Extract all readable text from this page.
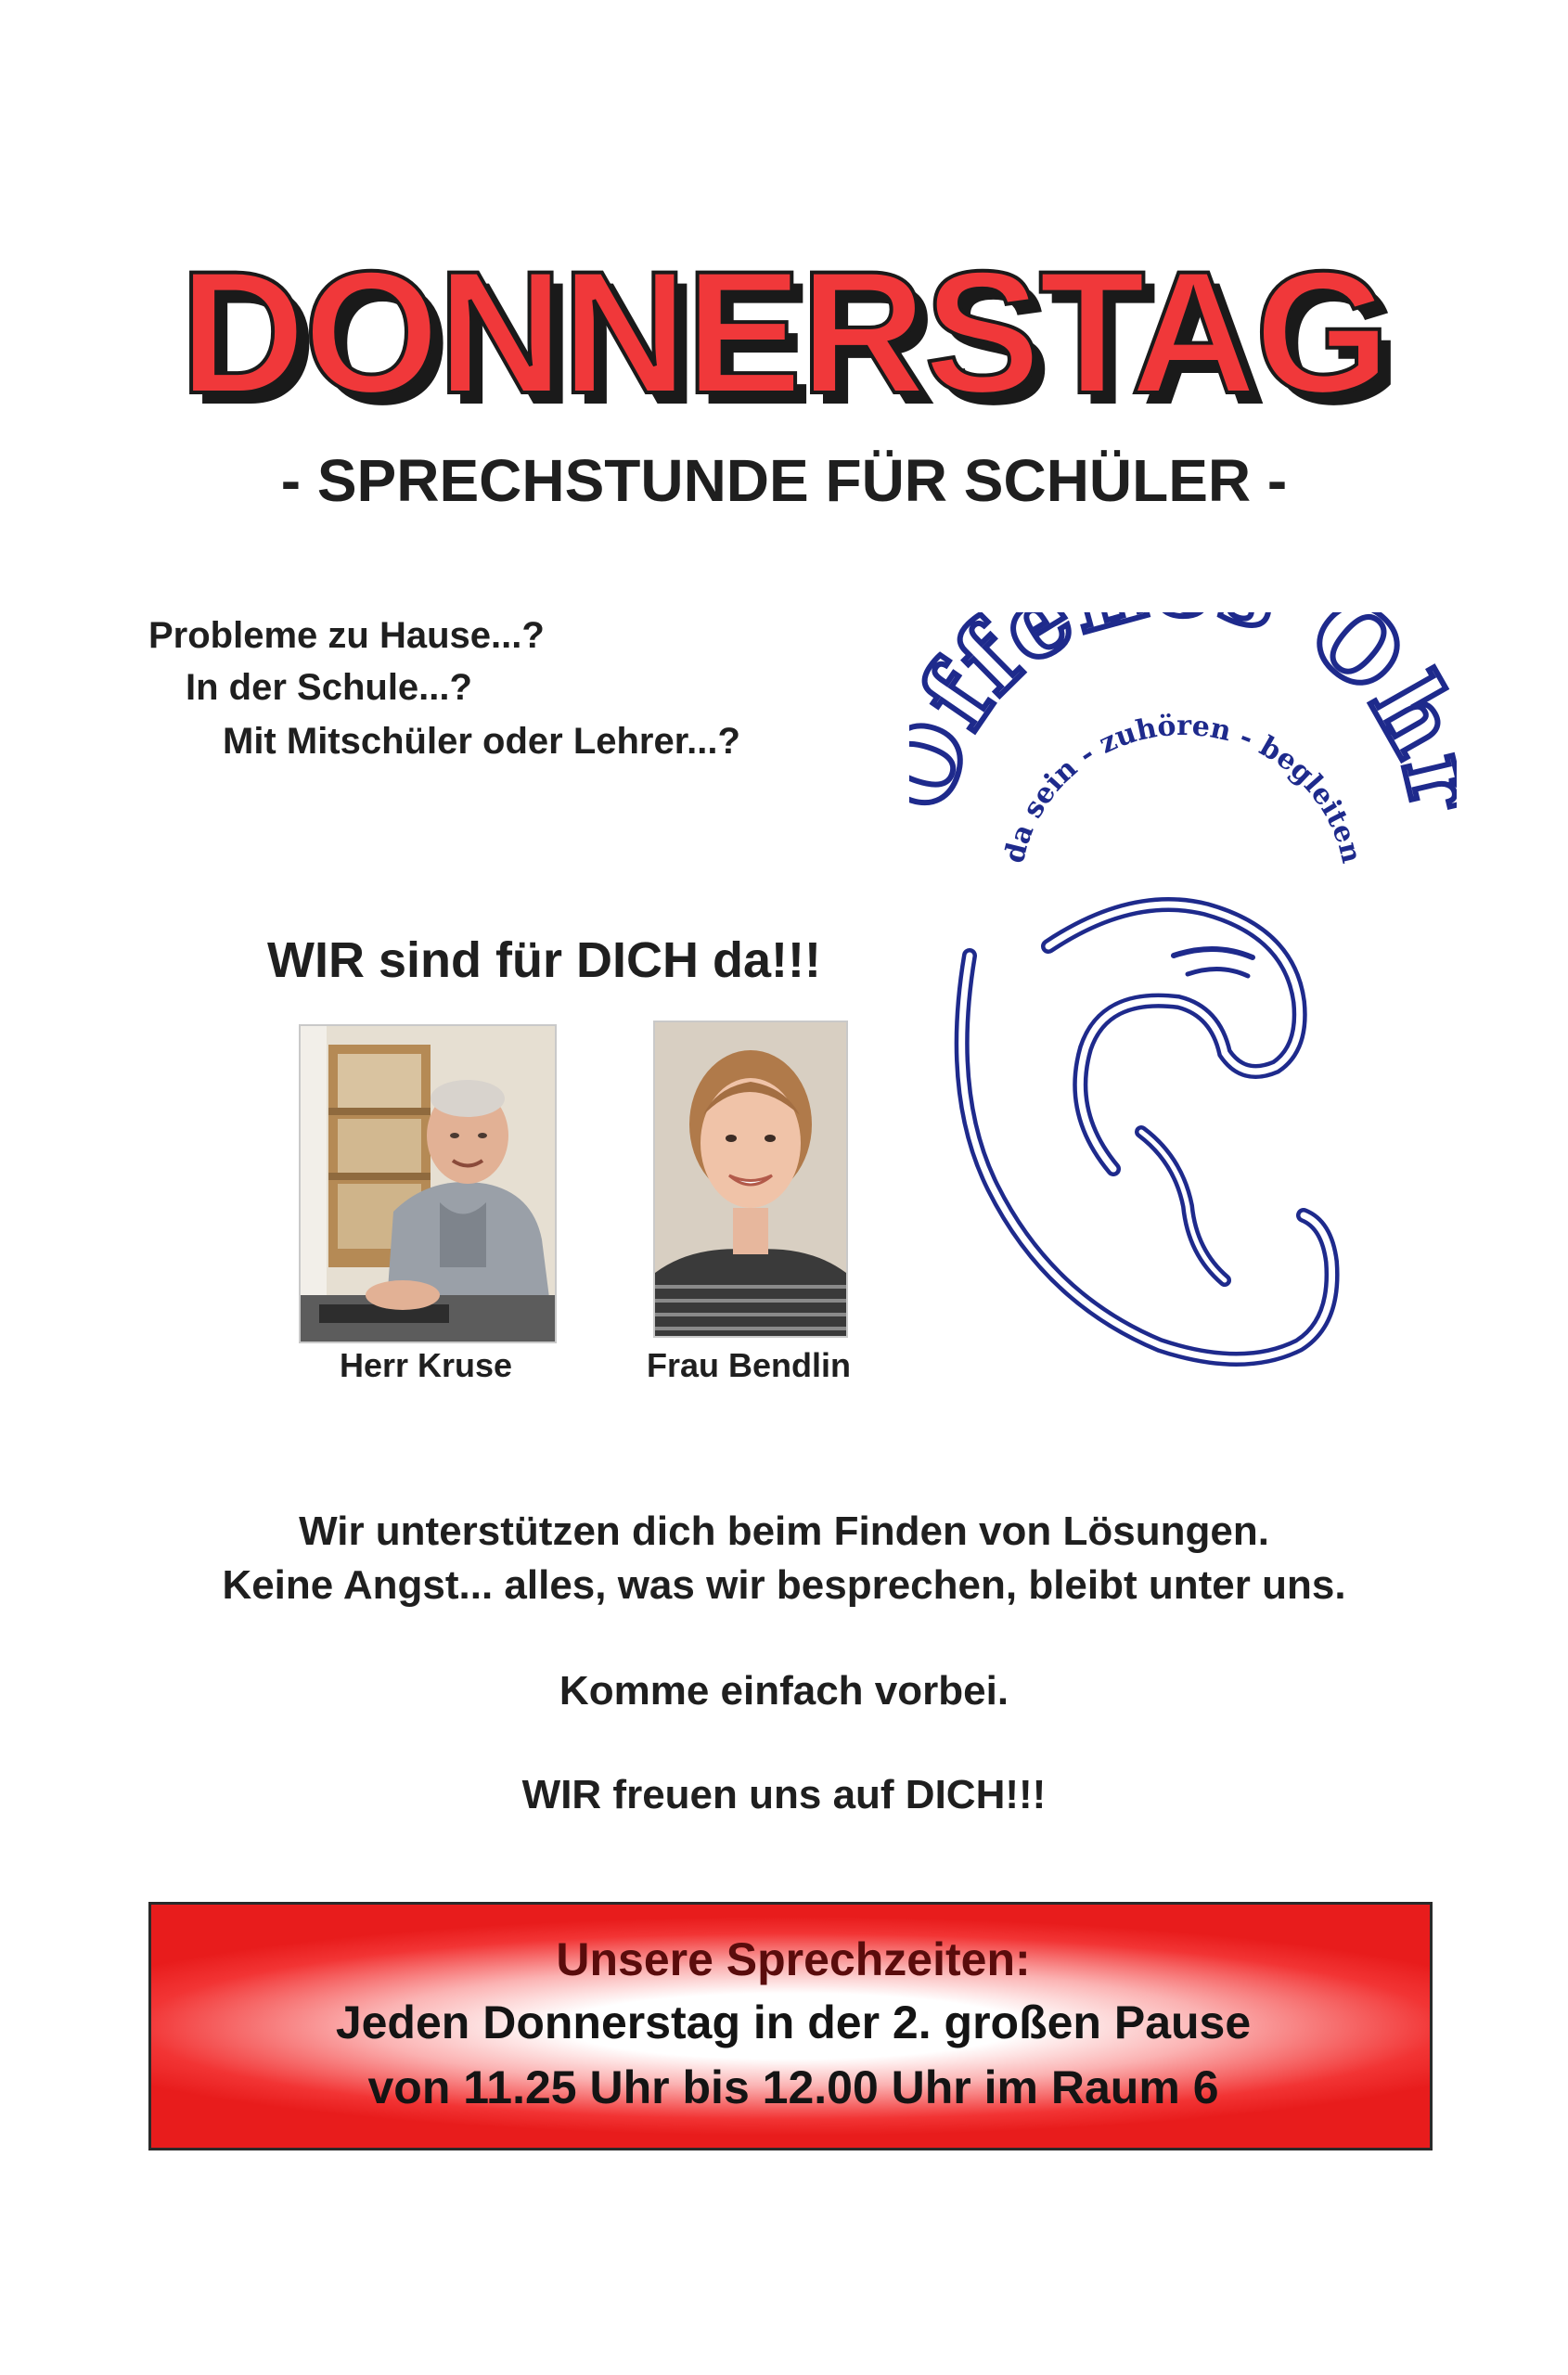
DONNERSTAG
- SPRECHSTUNDE FÜR SCHÜLER -
Probleme zu Hause...?
In der Schule...?
Mit Mitschüler oder Lehrer...?
WIR sind für DICH da!!!
Herr Kruse	Frau Bendlin
ffe O
da sein - zuhören - begleiten
Wir unterstützen dich beim Finden von Lösungen.
Keine Angst... alles, was wir besprechen, bleibt unter uns.
Komme einfach vorbei.
WIR freuen uns auf DICH!!!
Unsere Sprechzeiten:
Jeden Donnerstag in der 2. großen Pause
von 11.25 Uhr bis 12.00 Uhr im Raum 6
